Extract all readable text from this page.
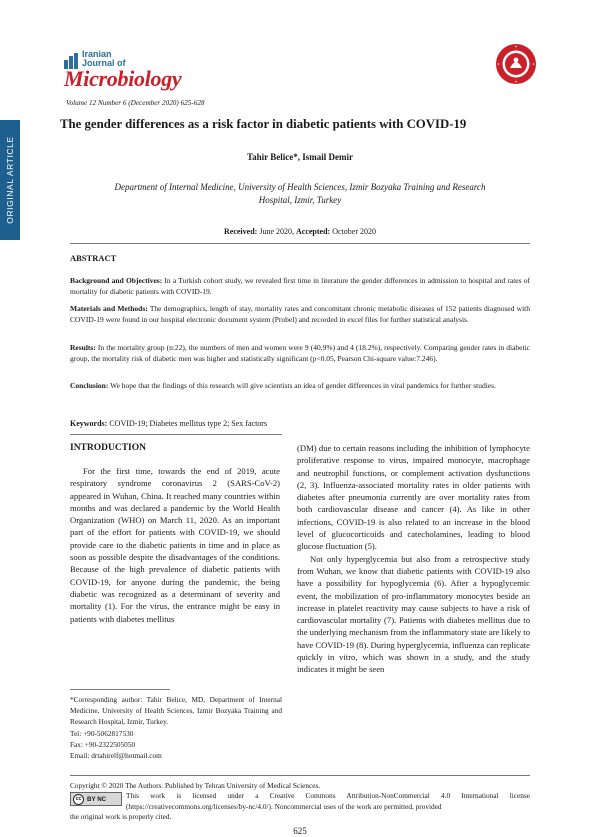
ORIGINAL ARTICLE
Iranian
Journal of
Microbiology
Volume 12 Number 6 (December 2020) 625-628
The gender differences as a risk factor in diabetic patients with COVID-19
Tahir Belice*, Ismail Demir
Department of Internal Medicine, University of Health Sciences, Izmir Bozyaka Training and Research Hospital, Izmir, Turkey
Received: June 2020, Accepted: October 2020
ABSTRACT
Background and Objectives: In a Turkish cohort study, we revealed first time in literature the gender differences in admission to hospital and rates of mortality for diabetic patients with COVID-19.
Materials and Methods: The demographics, length of stay, mortality rates and concomitant chronic metabolic diseases of 152 patients diagnosed with COVID-19 were found in our hospital electronic document system (Probel) and recorded in excel files for further statistical analysis.
Results: In the mortality group (n:22), the numbers of men and women were 9 (40.9%) and 4 (18.2%), respectively. Comparing gender rates in diabetic group, the mortality risk of diabetic men was higher and statistically significant (p<0.05, Pearson Chi-square value:7.246).
Conclusion: We hope that the findings of this research will give scientists an idea of gender differences in viral pandemics for further studies.
Keywords: COVID-19; Diabetes mellitus type 2; Sex factors
INTRODUCTION

For the first time, towards the end of 2019, acute respiratory syndrome coronavirus 2 (SARS-CoV-2) appeared in Wuhan, China. It reached many countries within months and was declared a pandemic by the World Health Organization (WHO) on March 11, 2020. As an important part of the effort for patients with COVID-19, we should provide care to the diabetic patients in time and in place as soon as possible despite the disadvantages of the conditions. Because of the high prevalence of diabetic patients with COVID-19, for anyone during the pandemic, the being diabetic was recognized as a determinant of severity and mortality (1). For the virus, the entrance might be easy in patients with diabetes mellitus

(DM) due to certain reasons including the inhibition of lymphocyte proliferative response to virus, impaired monocyte, macrophage and neutrophil functions, or complement activation dysfunctions (2, 3). Influenza-associated mortality rates in older patients with diabetes after pneumonia currently are over mortality rates from both cardiovascular disease and cancer (4). As like in other infections, COVID-19 is also related to an increase in the blood level of glucocorticoids and catecholamines, leading to blood glucose fluctuation (5).

Not only hyperglycemia but also from a retrospective study from Wuhan, we know that diabetic patients with COVID-19 also have a possibility for hypoglycemia (6). After a hypoglycemic event, the mobilization of pro-inflammatory monocytes beside an increase in platelet reactivity may cause subjects to have a risk of cardiovascular mortality (7). Patients with diabetes mellitus due to the underlying mechanism from the inflammatory state are likely to have COVID-19 (8). During hyperglycemia, influenza can replicate quickly in vitro, which was shown in a study, and the study indicates it might be seen

*Corresponding author: Tahir Belice, MD, Department of Internal Medicine, University of Health Sciences, Izmir Bozyaka Training and Research Hospital, Izmir, Turkey.
Tel: +90-5062817530
Fax: +90-2322505050
Email: drtahirelf@hotmail.com
Copyright © 2020 The Authors. Published by Tehran University of Medical Sciences.
cc BY NC	This work is licensed under a Creative Commons Attribution-NonCommercial 4.0 International license (https://creativecommons.org/licenses/by-nc/4.0/). Noncommercial uses of the work are permitted, provided
the original work is properly cited.
625
